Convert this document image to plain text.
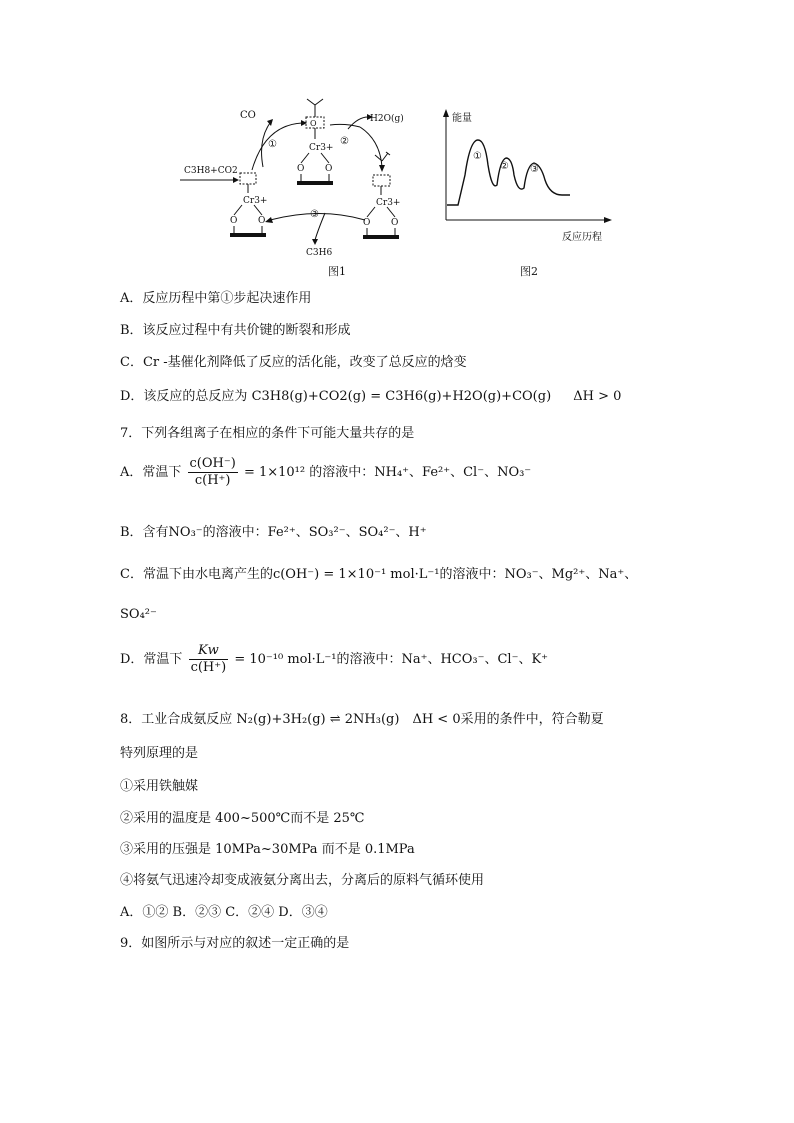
CO
①
C3H8+CO2
Cr3+
O O
O
Cr3+
O O
②
H2O(g)
Cr3+
O O
③
C3H6
图1
能量
反应历程
①
② ③
图2
A．反应历程中第①步起决速作用
B．该反应过程中有共价键的断裂和形成
C．Cr -基催化剂降低了反应的活化能，改变了总反应的焓变
D．该反应的总反应为 C3H8(g)+CO2(g) = C3H6(g)+H2O(g)+CO(g) ΔH > 0
7．下列各组离子在相应的条件下可能大量共存的是
A．常温下 $\frac{c(OH^-)}{c(H^+)} = 1\times 10^{12}$ 的溶液中：NH₄⁺、Fe²⁺、Cl⁻、NO₃⁻
B．含有NO₃⁻的溶液中：Fe²⁺、SO₃²⁻、SO₄²⁻、H⁺
C．常温下由水电离产生的c(OH⁻) = 1×10⁻¹ mol·L⁻¹的溶液中：NO₃⁻、Mg²⁺、Na⁺、
SO₄²⁻
D．常温下 $\frac{Kw}{c(H^+)} = 10^{-10}$ mol·L⁻¹的溶液中：Na⁺、HCO₃⁻、Cl⁻、K⁺
8．工业合成氨反应 N₂(g)+3H₂(g) ⇌ 2NH₃(g)　ΔH < 0采用的条件中，符合勒夏
特列原理的是
①采用铁触媒
②采用的温度是 400~500℃而不是 25℃
③采用的压强是 10MPa~30MPa 而不是 0.1MPa
④将氨气迅速冷却变成液氨分离出去，分离后的原料气循环使用
A．①② B．②③ C．②④ D．③④
9．如图所示与对应的叙述一定正确的是
